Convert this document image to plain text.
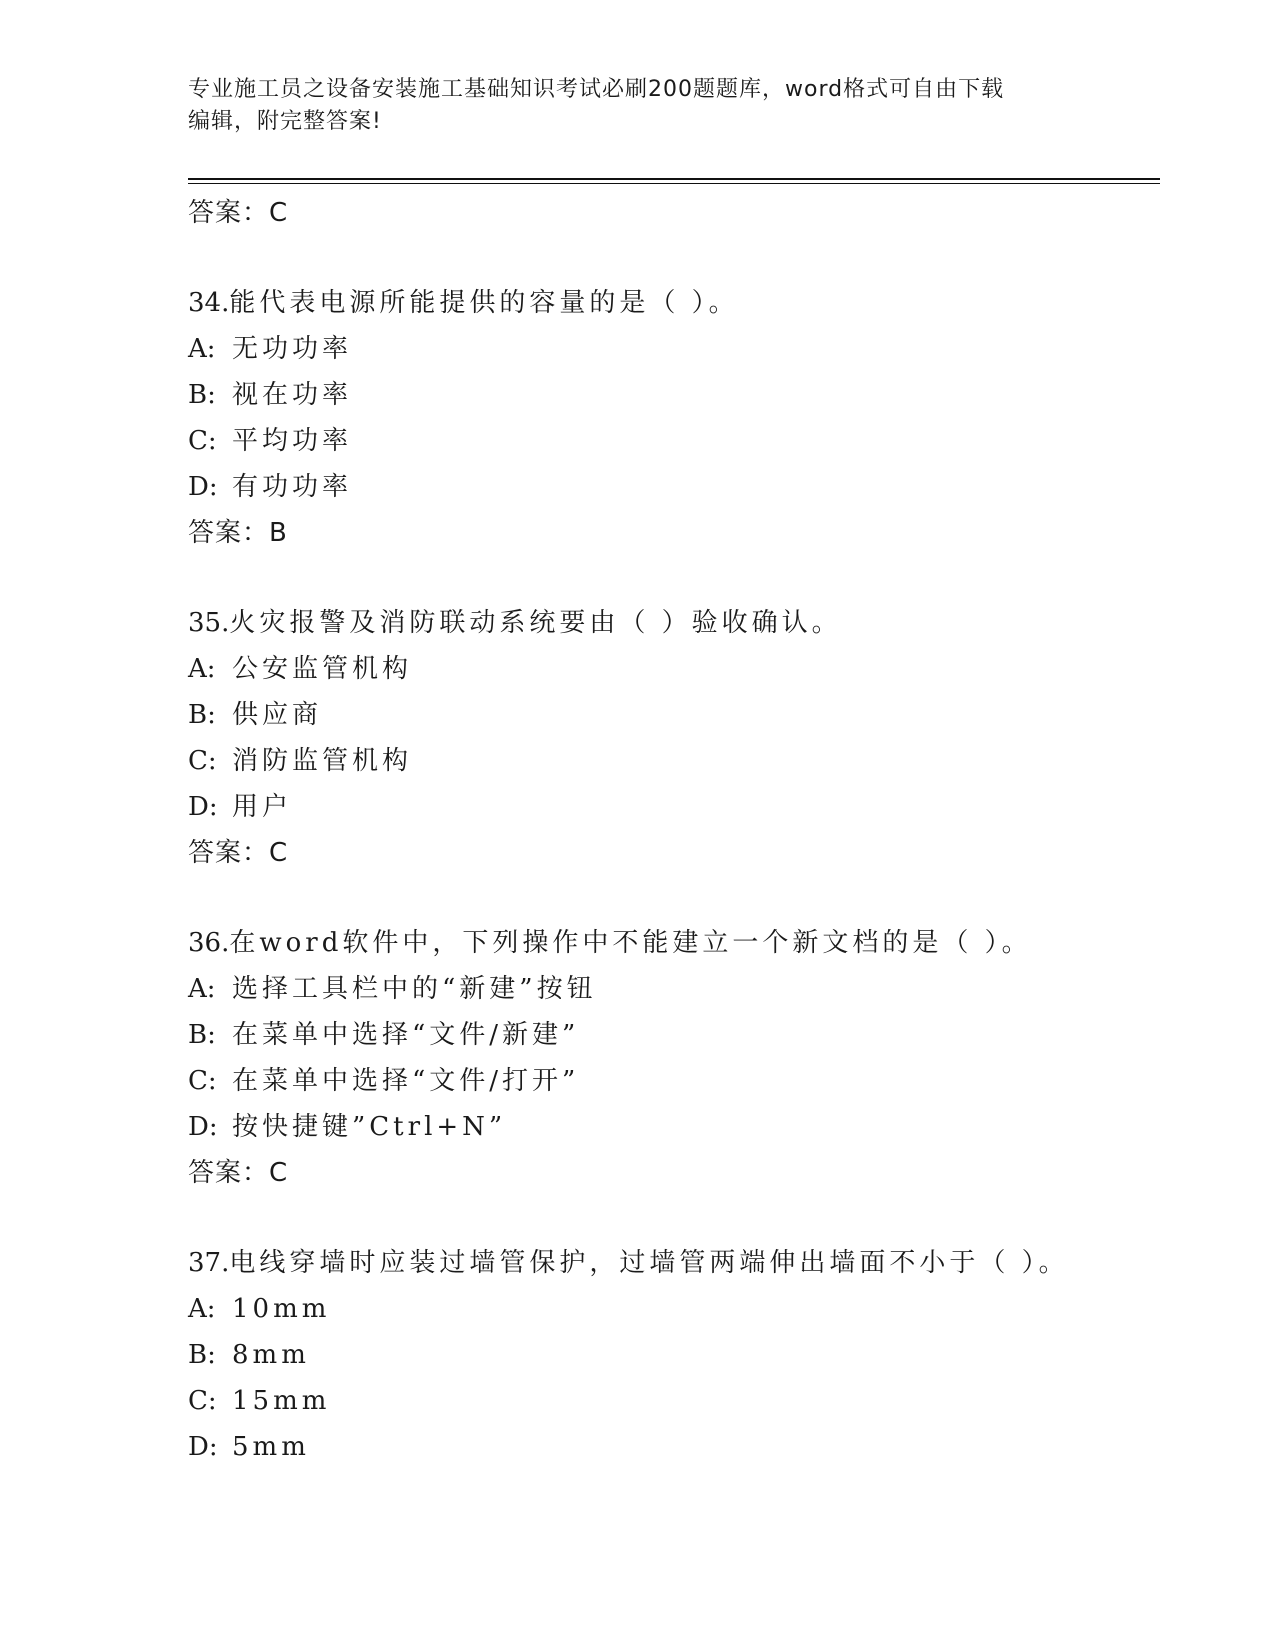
专业施工员之设备安装施工基础知识考试必刷200题题库，word格式可自由下载
编辑，附完整答案!
答案：C
34.能代表电源所能提供的容量的是（ ）。
A: 无功功率
B: 视在功率
C: 平均功率
D: 有功功率
答案：B
35.火灾报警及消防联动系统要由（ ）验收确认。
A: 公安监管机构
B: 供应商
C: 消防监管机构
D: 用户
答案：C
36.在word软件中，下列操作中不能建立一个新文档的是（ ）。
A: 选择工具栏中的“新建”按钮
B: 在菜单中选择“文件/新建”
C: 在菜单中选择“文件/打开”
D: 按快捷键”Ctrl+N”
答案：C
37.电线穿墙时应装过墙管保护，过墙管两端伸出墙面不小于（ ）。
A: 10mm
B: 8mm
C: 15mm
D: 5mm
